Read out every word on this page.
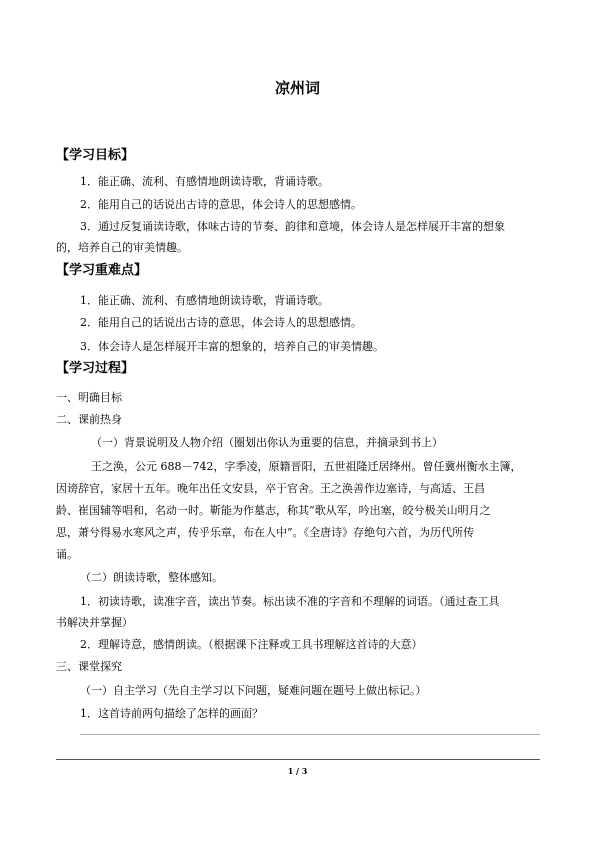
凉州词
【学习目标】
1．能正确、流利、有感情地朗读诗歌，背诵诗歌。
2．能用自己的话说出古诗的意思，体会诗人的思想感情。
3．通过反复诵读诗歌，体味古诗的节奏、韵律和意境，体会诗人是怎样展开丰富的想象
的，培养自己的审美情趣。
【学习重难点】
1．能正确、流利、有感情地朗读诗歌，背诵诗歌。
2．能用自己的话说出古诗的意思，体会诗人的思想感情。
3．体会诗人是怎样展开丰富的想象的，培养自己的审美情趣。
【学习过程】
一、明确目标
二、课前热身
（一）背景说明及人物介绍（圈划出你认为重要的信息，并摘录到书上）
王之涣，公元 688－742，字季凌，原籍晋阳，五世祖隆迁居绛州。曾任冀州衡水主簿，
因谤辞官，家居十五年。晚年出任文安县，卒于官舍。王之涣善作边塞诗，与高适、王昌
龄、崔国辅等唱和，名动一时。靳能为作墓志，称其“歌从军，吟出塞，皎兮极关山明月之
思，萧兮得易水寒风之声，传乎乐章，布在人中”。《全唐诗》存绝句六首，为历代所传
诵。
（二）朗读诗歌，整体感知。
1．初读诗歌，读准字音，读出节奏。标出读不准的字音和不理解的词语。（通过查工具
书解决并掌握）
2．理解诗意，感情朗读。（根据课下注释或工具书理解这首诗的大意）
三、课堂探究
（一）自主学习（先自主学习以下问题，疑难问题在题号上做出标记。）
1．这首诗前两句描绘了怎样的画面？
1 / 3
